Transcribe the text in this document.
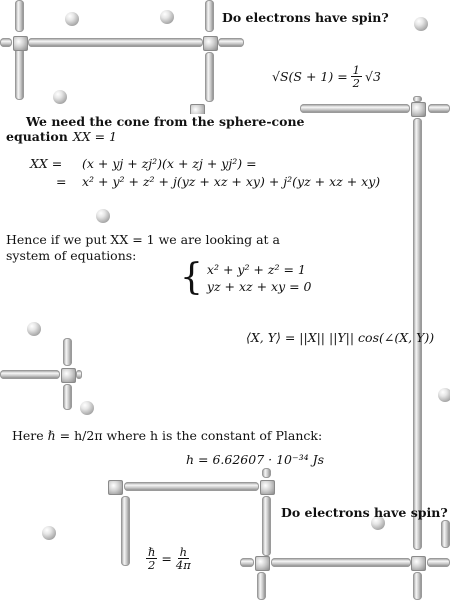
Do electrons have spin?
$√S(S + 1) = \frac{1}{2} √3$
We need the cone from the sphere-cone
equation XX = 1
XX = (x + yj + zj²)(x + zj + yj²) =
= x² + y² + z² + j(yz + xz + xy) + j²(yz + xz + xy)
Hence if we put XX = 1 we are looking at a
system of equations:
{ x² + y² + z² = 1
yz + xz + xy = 0
⟨X, Y⟩ = ||X|| ||Y|| cos(∠(X, Y))
Here ℏ = h/2π where h is the constant of Planck:
h = 6.62607 · 10⁻³⁴ Js
Do electrons have spin?
$\frac{\text{ℏ}}{2} = \frac{h}{4\pi}$
